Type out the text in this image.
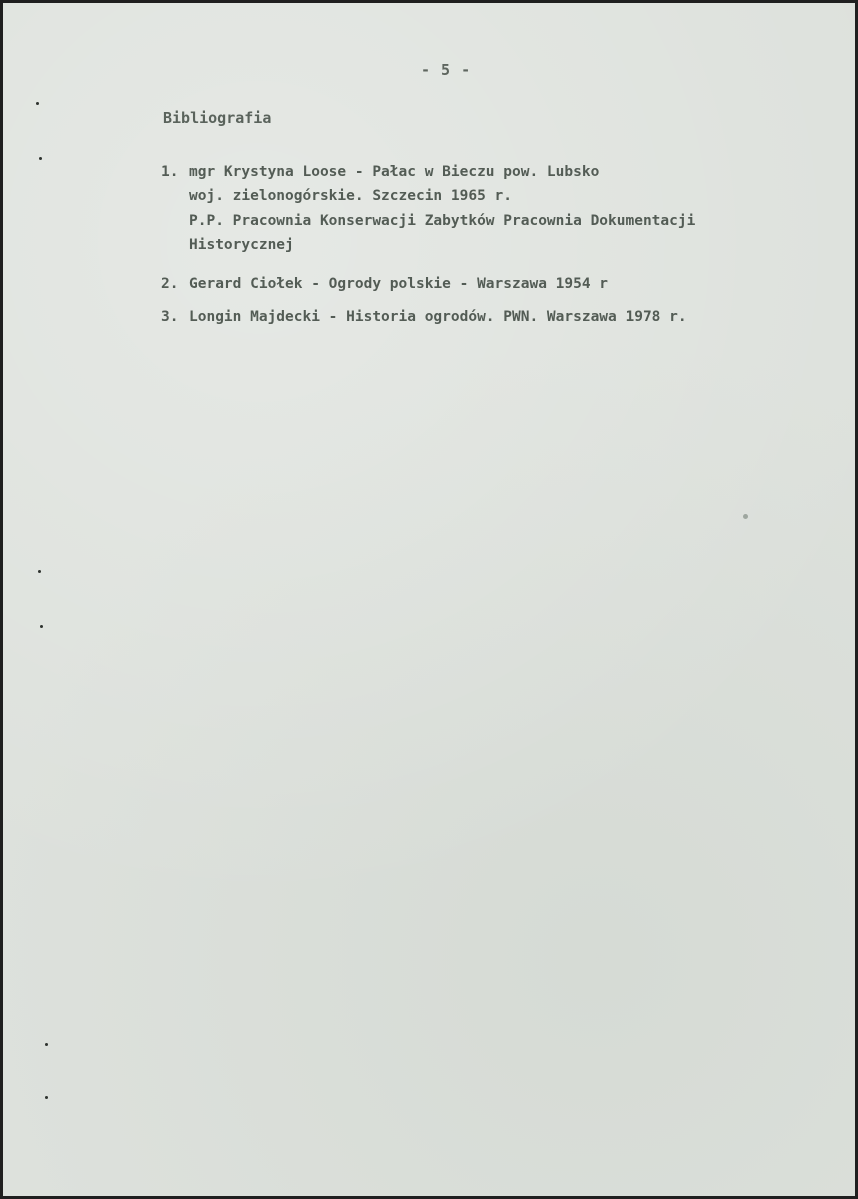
- 5 -
Bibliografia
1. mgr Krystyna Loose - Pałac w Bieczu pow. Lubsko
woj. zielonogórskie. Szczecin 1965 r.
P.P. Pracownia Konserwacji Zabytków Pracownia Dokumentacji
Historycznej
2. Gerard Ciołek - Ogrody polskie - Warszawa 1954 r
3. Longin Majdecki - Historia ogrodów. PWN. Warszawa 1978 r.
